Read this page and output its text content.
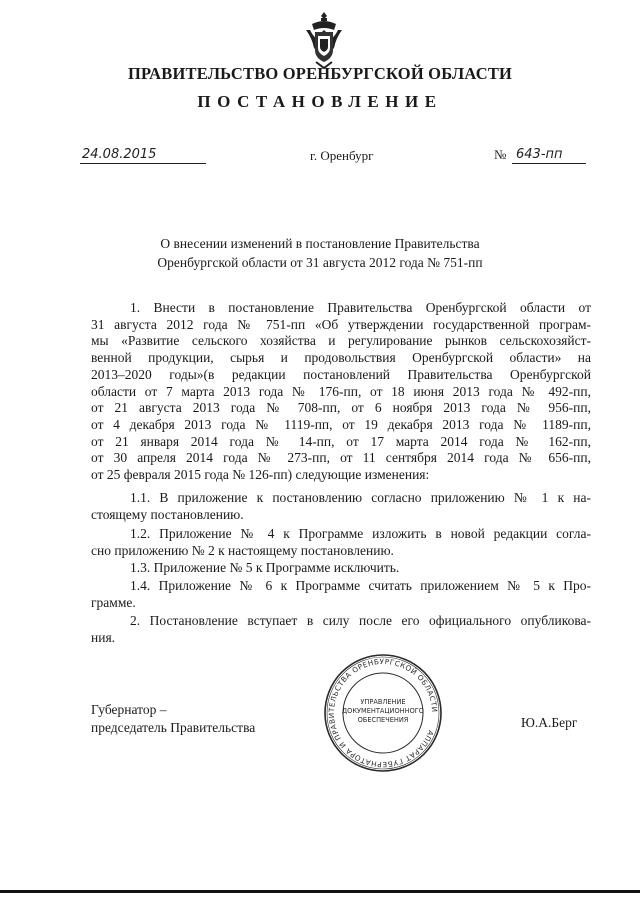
ПРАВИТЕЛЬСТВО ОРЕНБУРГСКОЙ ОБЛАСТИ
ПОСТАНОВЛЕНИЕ
24.08.2015	г. Оренбург	№ 643-пп
О внесении изменений в постановление Правительства
Оренбургской области от 31 августа 2012 года № 751-пп
1. Внести в постановление Правительства Оренбургской области от
31 августа 2012 года № 751-пп «Об утверждении государственной програм-
мы «Развитие сельского хозяйства и регулирование рынков сельскохозяйст-
венной продукции, сырья и продовольствия Оренбургской области» на
2013–2020 годы»(в редакции постановлений Правительства Оренбургской
области от 7 марта 2013 года № 176-пп, от 18 июня 2013 года № 492-пп,
от 21 августа 2013 года № 708-пп, от 6 ноября 2013 года № 956-пп,
от 4 декабря 2013 года № 1119-пп, от 19 декабря 2013 года № 1189-пп,
от 21 января 2014 года № 14-пп, от 17 марта 2014 года № 162-пп,
от 30 апреля 2014 года № 273-пп, от 11 сентября 2014 года № 656-пп,
от 25 февраля 2015 года № 126-пп) следующие изменения:
1.1. В приложение к постановлению согласно приложению № 1 к на-
стоящему постановлению.
1.2. Приложение № 4 к Программе изложить в новой редакции согла-
сно приложению № 2 к настоящему постановлению.
1.3. Приложение № 5 к Программе исключить.
1.4. Приложение № 6 к Программе считать приложением № 5 к Про-
грамме.
2. Постановление вступает в силу после его официального опубликова-
ния.
АППАРАТ ГУБЕРНАТОРА И ПРАВИТЕЛЬСТВА ОРЕНБУРГСКОЙ ОБЛАСТИ
УПРАВЛЕНИЕ
ДОКУМЕНТАЦИОННОГО
ОБЕСПЕЧЕНИЯ
Губернатор –
председатель Правительства	Ю.А.Берг
